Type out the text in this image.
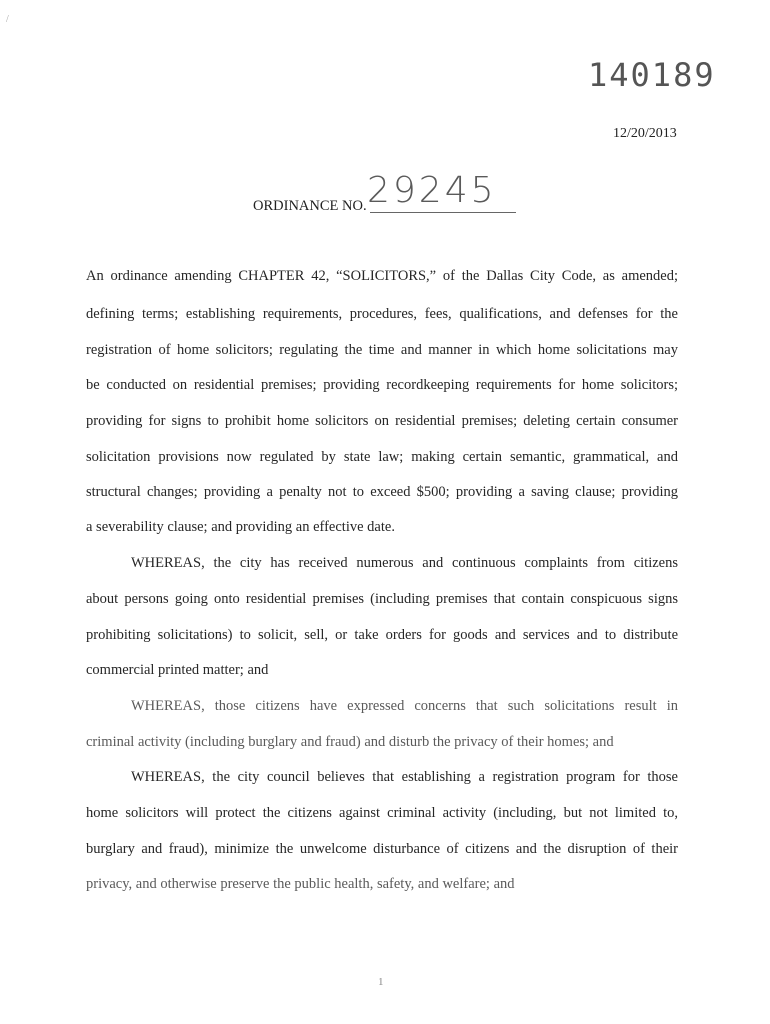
/
140189
12/20/2013
ORDINANCE NO. 29245
An ordinance amending CHAPTER 42, “SOLICITORS,” of the Dallas City Code, as amended;
defining terms; establishing requirements, procedures, fees, qualifications, and defenses for the
registration of home solicitors; regulating the time and manner in which home solicitations may
be conducted on residential premises; providing recordkeeping requirements for home solicitors;
providing for signs to prohibit home solicitors on residential premises; deleting certain consumer
solicitation provisions now regulated by state law; making certain semantic, grammatical, and
structural changes; providing a penalty not to exceed $500; providing a saving clause; providing
a severability clause; and providing an effective date.
WHEREAS, the city has received numerous and continuous complaints from citizens
about persons going onto residential premises (including premises that contain conspicuous signs
prohibiting solicitations) to solicit, sell, or take orders for goods and services and to distribute
commercial printed matter; and
WHEREAS, those citizens have expressed concerns that such solicitations result in
criminal activity (including burglary and fraud) and disturb the privacy of their homes; and
WHEREAS, the city council believes that establishing a registration program for those
home solicitors will protect the citizens against criminal activity (including, but not limited to,
burglary and fraud), minimize the unwelcome disturbance of citizens and the disruption of their
privacy, and otherwise preserve the public health, safety, and welfare; and
1
